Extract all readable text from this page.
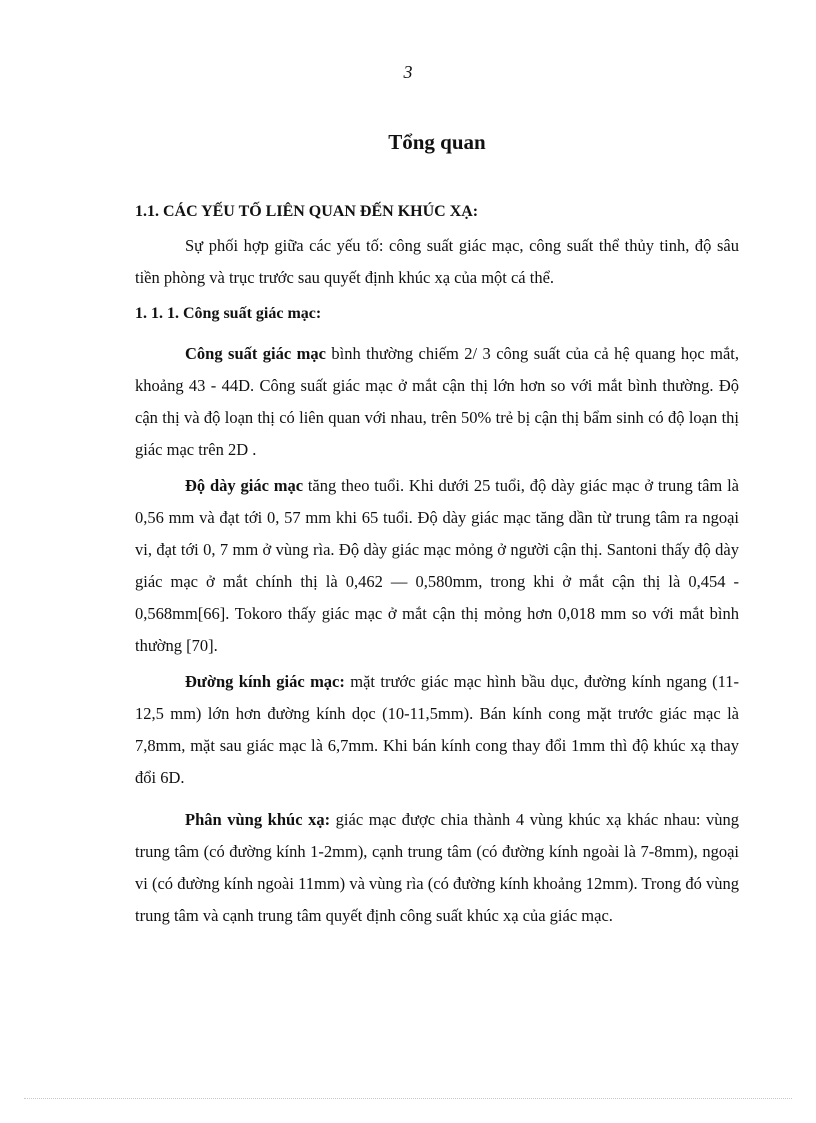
3
Tổng quan

1.1. CÁC YẾU TỐ LIÊN QUAN ĐẾN KHÚC XẠ:

Sự phối hợp giữa các yếu tố: công suất giác mạc, công suất thể thủy tinh, độ sâu tiền phòng và trục trước sau quyết định khúc xạ của một cá thể.

1. 1. 1. Công suất giác mạc:

Công suất giác mạc bình thường chiếm 2/ 3 công suất của cả hệ quang học mắt, khoảng 43 - 44D. Công suất giác mạc ở mắt cận thị lớn hơn so với mắt bình thường. Độ cận thị và độ loạn thị có liên quan với nhau, trên 50% trẻ bị cận thị bẩm sinh có độ loạn thị giác mạc trên 2D .

Độ dày giác mạc tăng theo tuổi. Khi dưới 25 tuổi, độ dày giác mạc ở trung tâm là 0,56 mm và đạt tới 0, 57 mm khi 65 tuổi. Độ dày giác mạc tăng dần từ trung tâm ra ngoại vi, đạt tới 0, 7 mm ở vùng rìa. Độ dày giác mạc mỏng ở người cận thị. Santoni thấy độ dày giác mạc ở mắt chính thị là 0,462 — 0,580mm, trong khi ở mắt cận thị là 0,454 - 0,568mm[66]. Tokoro thấy giác mạc ở mắt cận thị mỏng hơn 0,018 mm so với mắt bình thường [70].

Đường kính giác mạc: mặt trước giác mạc hình bầu dục, đường kính ngang (11-12,5 mm) lớn hơn đường kính dọc (10-11,5mm). Bán kính cong mặt trước giác mạc là 7,8mm, mặt sau giác mạc là 6,7mm. Khi bán kính cong thay đổi 1mm thì độ khúc xạ thay đổi 6D.

Phân vùng khúc xạ: giác mạc được chia thành 4 vùng khúc xạ khác nhau: vùng trung tâm (có đường kính 1-2mm), cạnh trung tâm (có đường kính ngoài là 7-8mm), ngoại vi (có đường kính ngoài 11mm) và vùng rìa (có đường kính khoảng 12mm). Trong đó vùng trung tâm và cạnh trung tâm quyết định công suất khúc xạ của giác mạc.
